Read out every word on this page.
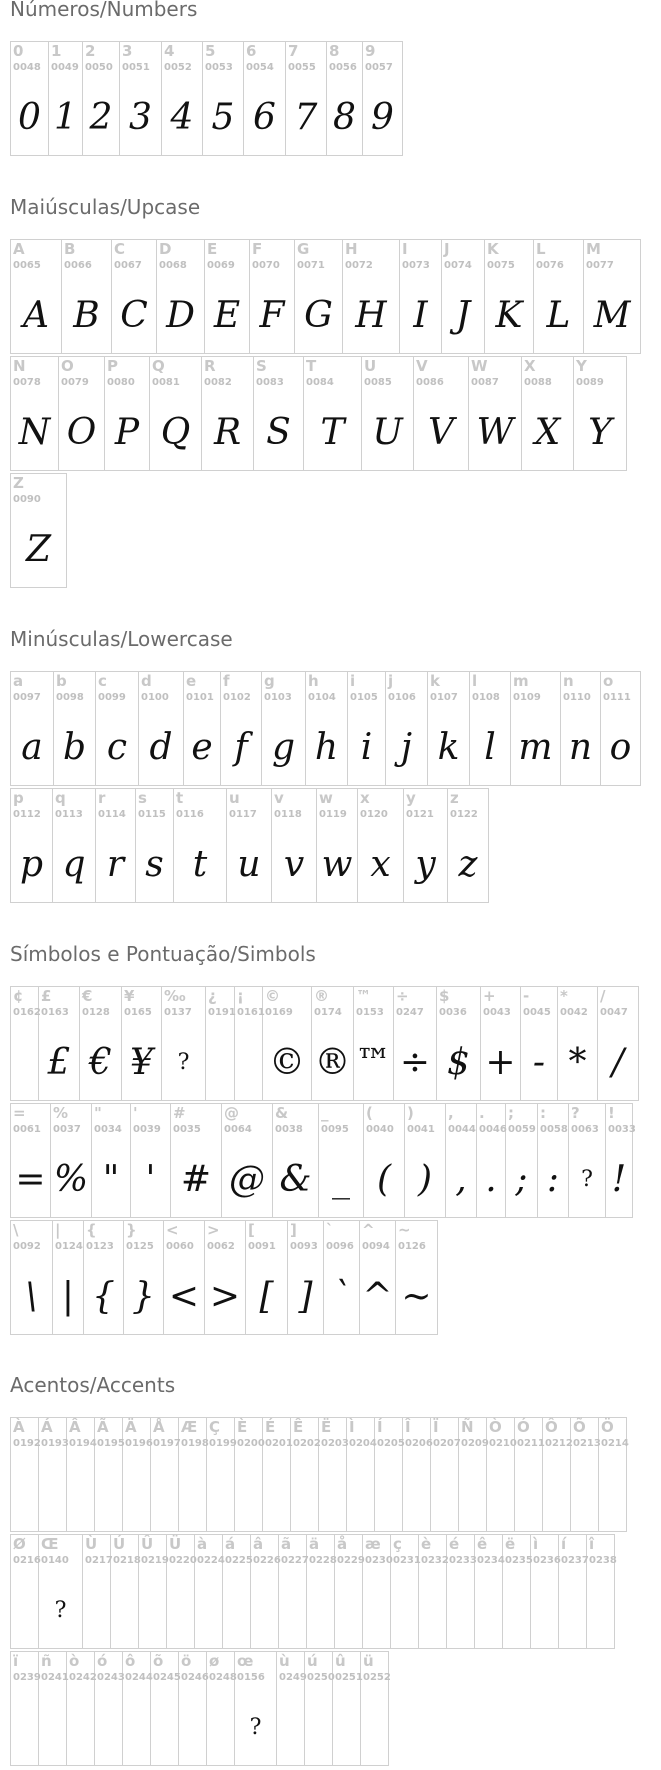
Números/Numbers
0
0048
0
1
0049
1
2
0050
2
3
0051
3
4
0052
4
5
0053
5
6
0054
6
7
0055
7
8
0056
8
9
0057
9
Maiúsculas/Upcase
A
0065
A
B
0066
B
C
0067
C
D
0068
D
E
0069
E
F
0070
F
G
0071
G
H
0072
H
I
0073
I
J
0074
J
K
0075
K
L
0076
L
M
0077
M
N
0078
N
O
0079
O
P
0080
P
Q
0081
Q
R
0082
R
S
0083
S
T
0084
T
U
0085
U
V
0086
V
W
0087
W
X
0088
X
Y
0089
Y
Z
0090
Z
Minúsculas/Lowercase
a
0097
a
b
0098
b
c
0099
c
d
0100
d
e
0101
e
f
0102
f
g
0103
g
h
0104
h
i
0105
i
j
0106
j
k
0107
k
l
0108
l
m
0109
m
n
0110
n
o
0111
o
p
0112
p
q
0113
q
r
0114
r
s
0115
s
t
0116
t
u
0117
u
v
0118
v
w
0119
w
x
0120
x
y
0121
y
z
0122
z
Símbolos e Pontuação/Simbols
¢
0162
£
0163
£
€
0128
€
¥
0165
¥
‰
0137
?
¿
0191
¡
0161
©
0169
©
®
0174
®
™
0153
™
÷
0247
÷
$
0036
$
+
0043
+
-
0045
-
*
0042
*
/
0047
/
=
0061
=
%
0037
%
"
0034
"
'
0039
'
#
0035
#
@
0064
@
&
0038
&
_
0095
_
(
0040
(
)
0041
)
,
0044
,
.
0046
.
;
0059
;
:
0058
:
?
0063
?
!
0033
!
\
0092
\
|
0124
|
{
0123
{
}
0125
}
<
0060
<
>
0062
>
[
0091
[
]
0093
]
`
0096
`
^
0094
^
~
0126
~
Acentos/Accents
À
0192
Á
0193
Â
0194
Ã
0195
Ä
0196
Å
0197
Æ
0198
Ç
0199
È
0200
É
0201
Ê
0202
Ë
0203
Ì
0204
Í
0205
Î
0206
Ï
0207
Ñ
0209
Ò
0210
Ó
0211
Ô
0212
Õ
0213
Ö
0214
Ø
0216
Œ
0140
?
Ù
0217
Ú
0218
Û
0219
Ü
0220
à
0224
á
0225
â
0226
ã
0227
ä
0228
å
0229
æ
0230
ç
0231
è
0232
é
0233
ê
0234
ë
0235
ì
0236
í
0237
î
0238
ï
0239
ñ
0241
ò
0242
ó
0243
ô
0244
õ
0245
ö
0246
ø
0248
œ
0156
?
ù
0249
ú
0250
û
0251
ü
0252
